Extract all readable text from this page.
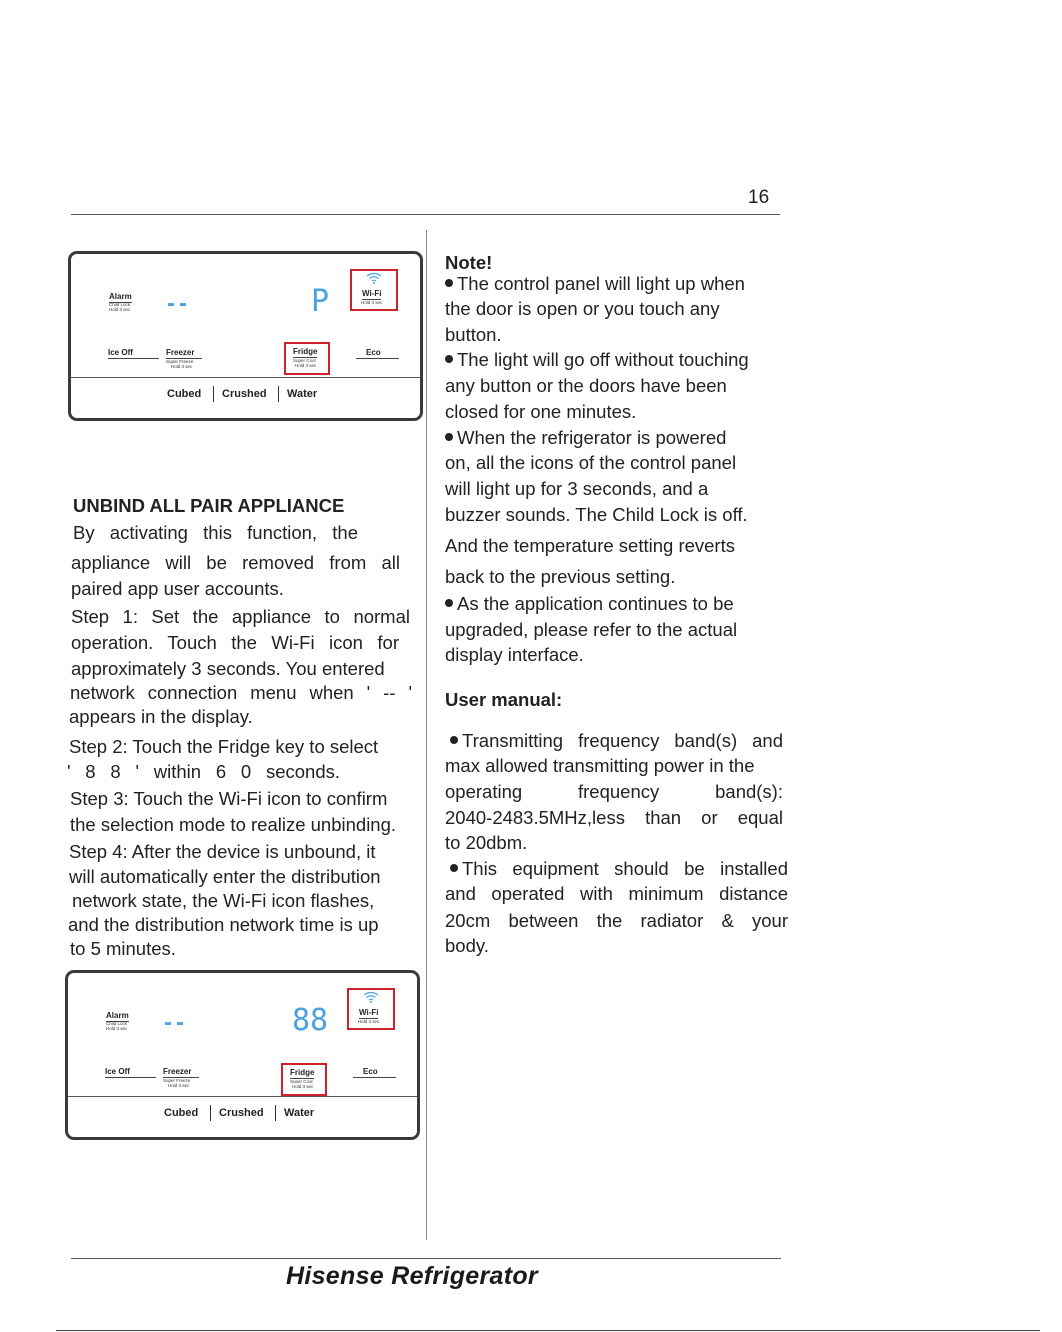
16
Alarm
Child Lock
Hold 3 sec --	P	Wi-Fi
Hold 3 sec
Ice Off	Freezer
Super Freeze
Hold 3 sec
Fridge
Super Cool
Hold 3 sec
Eco
Cubed Crushed Water
UNBIND ALL PAIR APPLIANCE
By activating this function, the
appliance will be removed from all
paired app user accounts.
Step 1: Set the appliance to normal
operation. Touch the Wi-Fi icon for
approximately 3 seconds. You entered
network connection menu when ' -- '
appears in the display.
Step 2: Touch the Fridge key to select
' 8 8 ' within 6 0 seconds.
Step 3: Touch the Wi-Fi icon to confirm
the selection mode to realize unbinding.
Step 4: After the device is unbound, it
will automatically enter the distribution
network state, the Wi-Fi icon flashes,
and the distribution network time is up
to 5 minutes.
Alarm
Child Lock
Hold 3 sec --	88	Wi-Fi
Hold 3 sec
Ice Off	Freezer
Super Freeze
Hold 3 sec
Fridge
Super Cool
Hold 3 sec
Eco
Cubed Crushed Water
Note!
The control panel will light up when
the door is open or you touch any
button.
The light will go off without touching
any button or the doors have been
closed for one minutes.
When the refrigerator is powered
on, all the icons of the control panel
will light up for 3 seconds, and a
buzzer sounds. The Child Lock is off.
And the temperature setting reverts
back to the previous setting.
As the application continues to be
upgraded, please refer to the actual
display interface.
User manual:
Transmitting frequency band(s) and
max allowed transmitting power in the
operating frequency band(s):
2040-2483.5MHz,less than or equal
to 20dbm.
This equipment should be installed
and operated with minimum distance
20cm between the radiator & your
body.
Hisense Refrigerator
